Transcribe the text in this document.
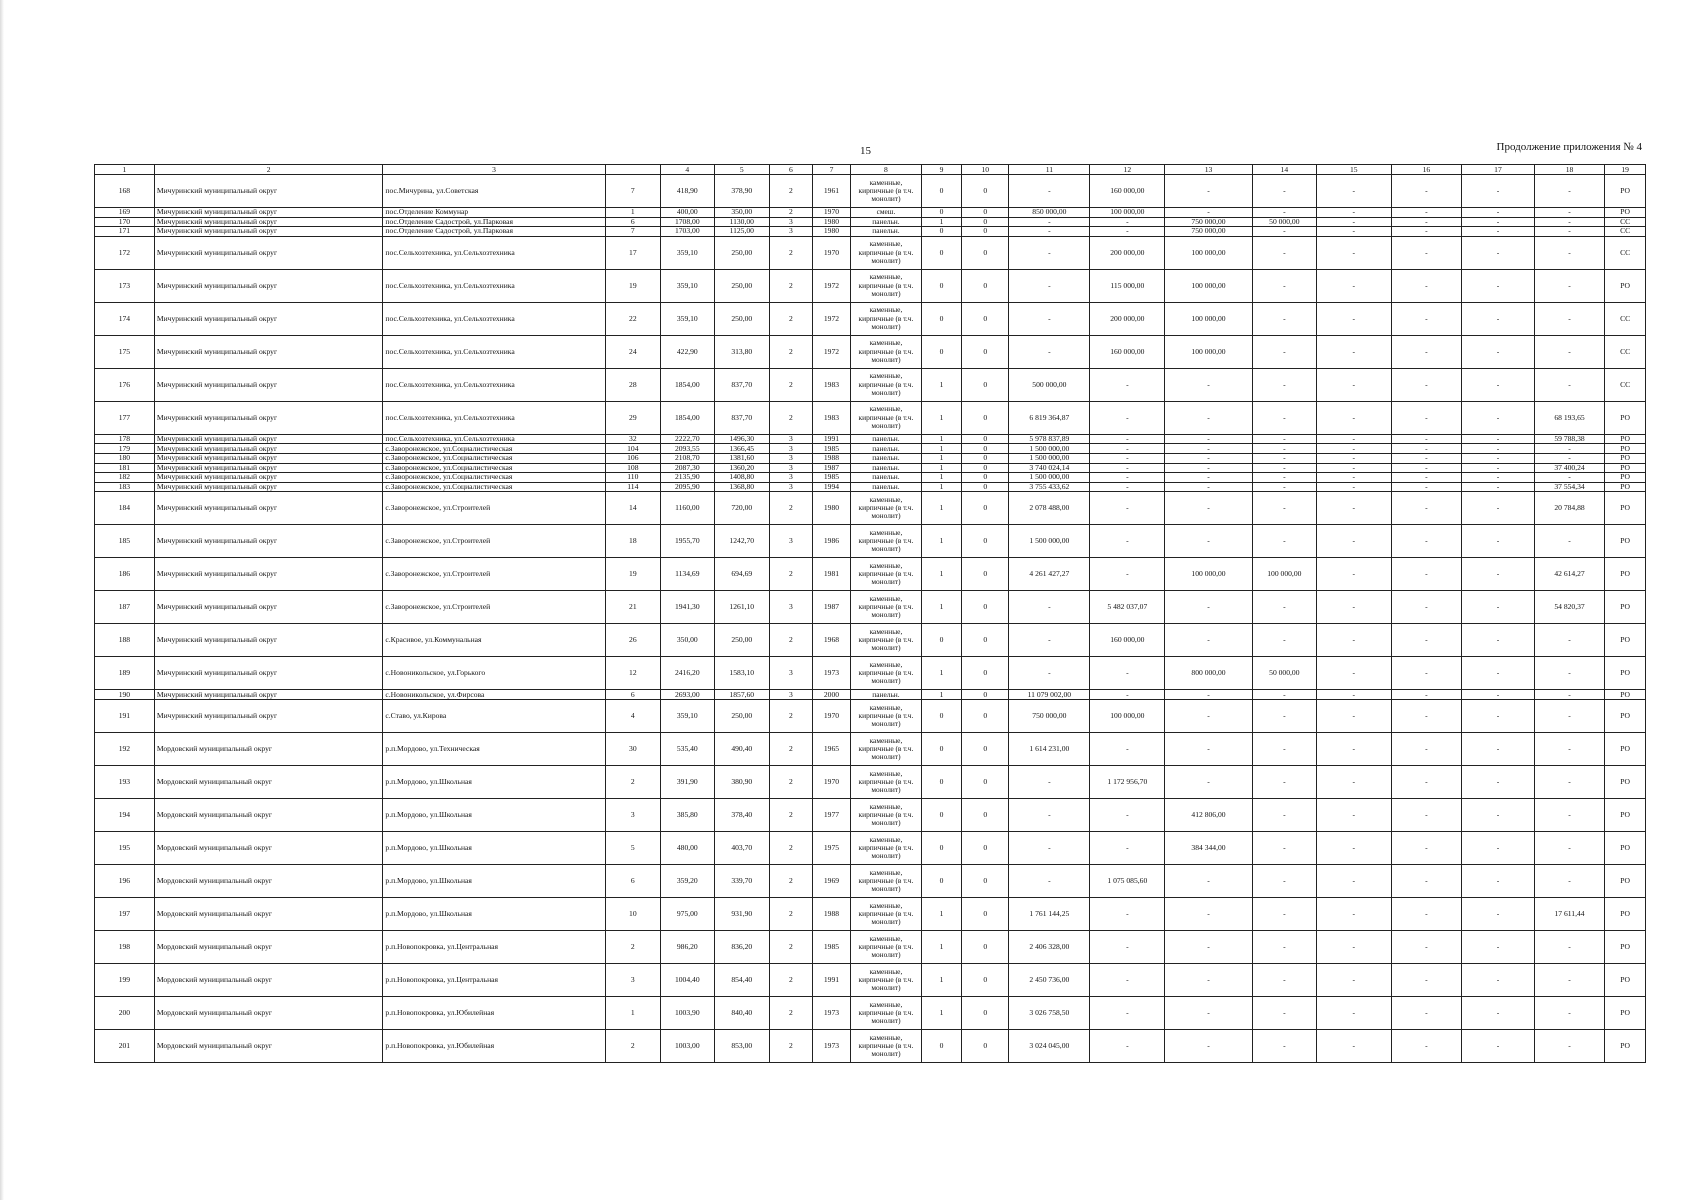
15	Продолжение приложения № 4
1	2	3		4	5	6	7	8	9	10	11	12	13	14	15	16	17	18	19
168	Мичуринский муниципальный округ	пос.Мичурина, ул.Советская	7	418,90	378,90	2	1961	каменные, кирпичные (в т.ч. монолит)	0	0	-	160 000,00	-	-	-	-	-	-	РО
169	Мичуринский муниципальный округ	пос.Отделение Коммунар	1	400,00	350,00	2	1970	смеш.	0	0	850 000,00	100 000,00	-	-	-	-	-	-	РО
170	Мичуринский муниципальный округ	пос.Отделение Садострой, ул.Парковая	6	1708,00	1130,00	3	1980	панельн.	1	0	-	-	750 000,00	50 000,00	-	-	-	-	СС
171	Мичуринский муниципальный округ	пос.Отделение Садострой, ул.Парковая	7	1703,00	1125,00	3	1980	панельн.	0	0	-	-	750 000,00	-	-	-	-	-	СС
172	Мичуринский муниципальный округ	пос.Сельхозтехника, ул.Сельхозтехника	17	359,10	250,00	2	1970	каменные, кирпичные (в т.ч. монолит)	0	0	-	200 000,00	100 000,00	-	-	-	-	-	СС
173	Мичуринский муниципальный округ	пос.Сельхозтехника, ул.Сельхозтехника	19	359,10	250,00	2	1972	каменные, кирпичные (в т.ч. монолит)	0	0	-	115 000,00	100 000,00	-	-	-	-	-	РО
174	Мичуринский муниципальный округ	пос.Сельхозтехника, ул.Сельхозтехника	22	359,10	250,00	2	1972	каменные, кирпичные (в т.ч. монолит)	0	0	-	200 000,00	100 000,00	-	-	-	-	-	СС
175	Мичуринский муниципальный округ	пос.Сельхозтехника, ул.Сельхозтехника	24	422,90	313,80	2	1972	каменные, кирпичные (в т.ч. монолит)	0	0	-	160 000,00	100 000,00	-	-	-	-	-	СС
176	Мичуринский муниципальный округ	пос.Сельхозтехника, ул.Сельхозтехника	28	1854,00	837,70	2	1983	каменные, кирпичные (в т.ч. монолит)	1	0	500 000,00	-	-	-	-	-	-	-	СС
177	Мичуринский муниципальный округ	пос.Сельхозтехника, ул.Сельхозтехника	29	1854,00	837,70	2	1983	каменные, кирпичные (в т.ч. монолит)	1	0	6 819 364,87	-	-	-	-	-	-	68 193,65	РО
178	Мичуринский муниципальный округ	пос.Сельхозтехника, ул.Сельхозтехника	32	2222,70	1496,30	3	1991	панельн.	1	0	5 978 837,89	-	-	-	-	-	-	59 788,38	РО
179	Мичуринский муниципальный округ	с.Заворонежское, ул.Социалистическая	104	2093,55	1366,45	3	1985	панельн.	1	0	1 500 000,00	-	-	-	-	-	-	-	РО
180	Мичуринский муниципальный округ	с.Заворонежское, ул.Социалистическая	106	2108,70	1381,60	3	1988	панельн.	1	0	1 500 000,00	-	-	-	-	-	-	-	РО
181	Мичуринский муниципальный округ	с.Заворонежское, ул.Социалистическая	108	2087,30	1360,20	3	1987	панельн.	1	0	3 740 024,14	-	-	-	-	-	-	37 400,24	РО
182	Мичуринский муниципальный округ	с.Заворонежское, ул.Социалистическая	110	2135,90	1408,80	3	1985	панельн.	1	0	1 500 000,00	-	-	-	-	-	-	-	РО
183	Мичуринский муниципальный округ	с.Заворонежское, ул.Социалистическая	114	2095,90	1368,80	3	1994	панельн.	1	0	3 755 433,62	-	-	-	-	-	-	37 554,34	РО
184	Мичуринский муниципальный округ	с.Заворонежское, ул.Строителей	14	1160,00	720,00	2	1980	каменные, кирпичные (в т.ч. монолит)	1	0	2 078 488,00	-	-	-	-	-	-	20 784,88	РО
185	Мичуринский муниципальный округ	с.Заворонежское, ул.Строителей	18	1955,70	1242,70	3	1986	каменные, кирпичные (в т.ч. монолит)	1	0	1 500 000,00	-	-	-	-	-	-	-	РО
186	Мичуринский муниципальный округ	с.Заворонежское, ул.Строителей	19	1134,69	694,69	2	1981	каменные, кирпичные (в т.ч. монолит)	1	0	4 261 427,27	-	100 000,00	100 000,00	-	-	-	42 614,27	РО
187	Мичуринский муниципальный округ	с.Заворонежское, ул.Строителей	21	1941,30	1261,10	3	1987	каменные, кирпичные (в т.ч. монолит)	1	0	-	5 482 037,07	-	-	-	-	-	54 820,37	РО
188	Мичуринский муниципальный округ	с.Красивое, ул.Коммунальная	26	350,00	250,00	2	1968	каменные, кирпичные (в т.ч. монолит)	0	0	-	160 000,00	-	-	-	-	-	-	РО
189	Мичуринский муниципальный округ	с.Новоникольское, ул.Горького	12	2416,20	1583,10	3	1973	каменные, кирпичные (в т.ч. монолит)	1	0	-	-	800 000,00	50 000,00	-	-	-	-	РО
190	Мичуринский муниципальный округ	с.Новоникольское, ул.Фирсова	6	2693,00	1857,60	3	2000	панельн.	1	0	11 079 002,00	-	-	-	-	-	-	-	РО
191	Мичуринский муниципальный округ	с.Ставо, ул.Кирова	4	359,10	250,00	2	1970	каменные, кирпичные (в т.ч. монолит)	0	0	750 000,00	100 000,00	-	-	-	-	-	-	РО
192	Мордовский муниципальный округ	р.п.Мордово, ул.Техническая	30	535,40	490,40	2	1965	каменные, кирпичные (в т.ч. монолит)	0	0	1 614 231,00	-	-	-	-	-	-	-	РО
193	Мордовский муниципальный округ	р.п.Мордово, ул.Школьная	2	391,90	380,90	2	1970	каменные, кирпичные (в т.ч. монолит)	0	0	-	1 172 956,70	-	-	-	-	-	-	РО
194	Мордовский муниципальный округ	р.п.Мордово, ул.Школьная	3	385,80	378,40	2	1977	каменные, кирпичные (в т.ч. монолит)	0	0	-	-	412 806,00	-	-	-	-	-	РО
195	Мордовский муниципальный округ	р.п.Мордово, ул.Школьная	5	480,00	403,70	2	1975	каменные, кирпичные (в т.ч. монолит)	0	0	-	-	384 344,00	-	-	-	-	-	РО
196	Мордовский муниципальный округ	р.п.Мордово, ул.Школьная	6	359,20	339,70	2	1969	каменные, кирпичные (в т.ч. монолит)	0	0	-	1 075 085,60	-	-	-	-	-	-	РО
197	Мордовский муниципальный округ	р.п.Мордово, ул.Школьная	10	975,00	931,90	2	1988	каменные, кирпичные (в т.ч. монолит)	1	0	1 761 144,25	-	-	-	-	-	-	17 611,44	РО
198	Мордовский муниципальный округ	р.п.Новопокровка, ул.Центральная	2	986,20	836,20	2	1985	каменные, кирпичные (в т.ч. монолит)	1	0	2 406 328,00	-	-	-	-	-	-	-	РО
199	Мордовский муниципальный округ	р.п.Новопокровка, ул.Центральная	3	1004,40	854,40	2	1991	каменные, кирпичные (в т.ч. монолит)	1	0	2 450 736,00	-	-	-	-	-	-	-	РО
200	Мордовский муниципальный округ	р.п.Новопокровка, ул.Юбилейная	1	1003,90	840,40	2	1973	каменные, кирпичные (в т.ч. монолит)	1	0	3 026 758,50	-	-	-	-	-	-	-	РО
201	Мордовский муниципальный округ	р.п.Новопокровка, ул.Юбилейная	2	1003,00	853,00	2	1973	каменные, кирпичные (в т.ч. монолит)	0	0	3 024 045,00	-	-	-	-	-	-	-	РО
